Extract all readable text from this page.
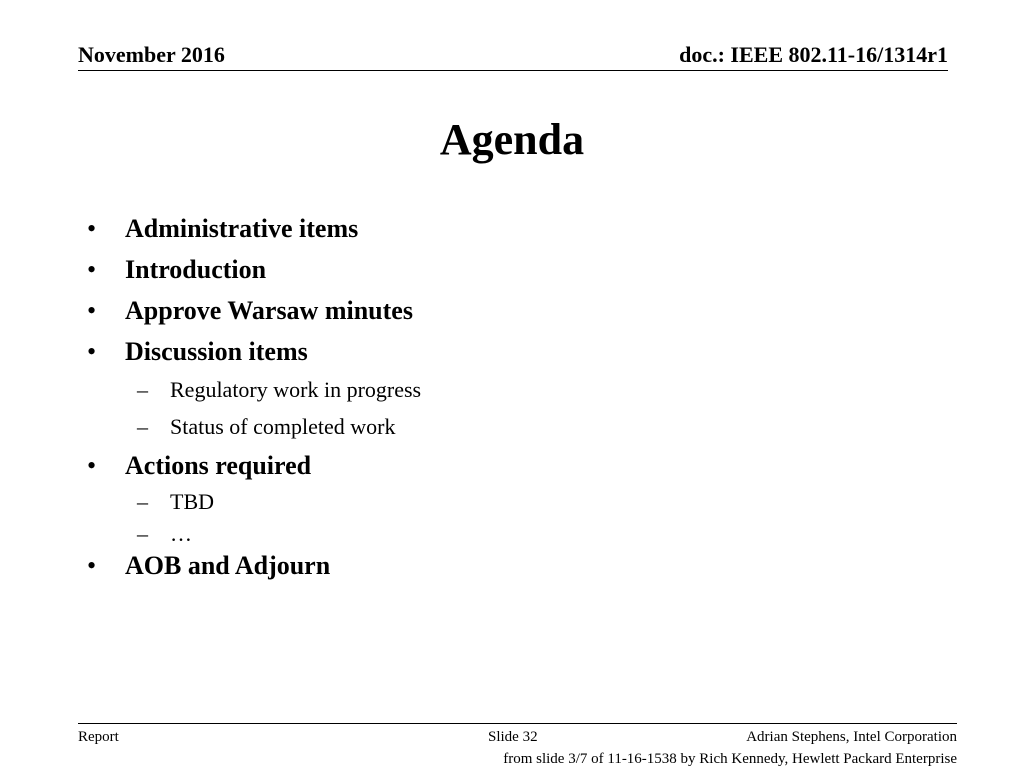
November 2016	doc.: IEEE 802.11-16/1314r1
Agenda
• Administrative items
• Introduction
• Approve Warsaw minutes
• Discussion items
– Regulatory work in progress
– Status of completed work
• Actions required
– TBD
– …
• AOB and Adjourn
Report	Slide 32	Adrian Stephens, Intel Corporation
from slide 3/7 of 11-16-1538 by Rich Kennedy, Hewlett Packard Enterprise
